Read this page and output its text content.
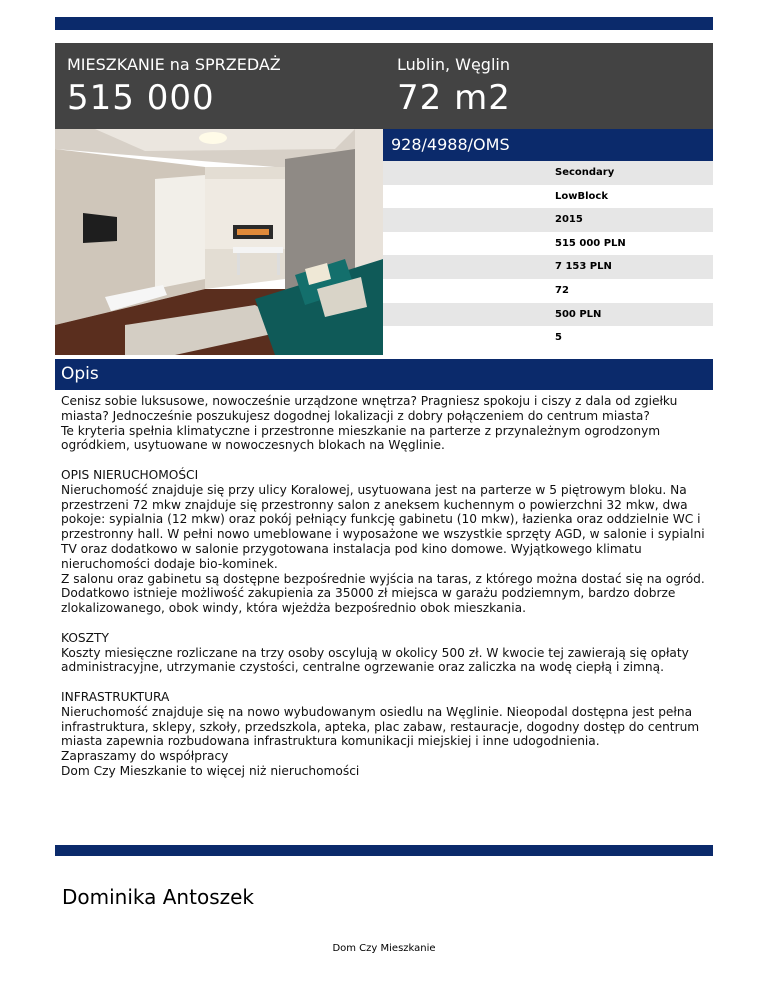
MIESZKANIE na SPRZEDAŻ
515 000
Lublin, Węglin
72 m2
928/4988/OMS
Secondary
LowBlock
2015
515 000 PLN
7 153 PLN
72
500 PLN
5
Opis

Cenisz sobie luksusowe, nowocześnie urządzone wnętrza? Pragniesz spokoju i ciszy z dala od zgiełku miasta? Jednocześnie poszukujesz dogodnej lokalizacji z dobry połączeniem do centrum miasta?
Te kryteria spełnia klimatyczne i przestronne mieszkanie na parterze z przynależnym ogrodzonym ogródkiem, usytuowane w nowoczesnych blokach na Węglinie.

OPIS NIERUCHOMOŚCI
Nieruchomość znajduje się przy ulicy Koralowej, usytuowana jest na parterze w 5 piętrowym bloku. Na przestrzeni 72 mkw znajduje się przestronny salon z aneksem kuchennym o powierzchni 32 mkw, dwa pokoje: sypialnia (12 mkw) oraz pokój pełniący funkcję gabinetu (10 mkw), łazienka oraz oddzielnie WC i przestronny hall. W pełni nowo umeblowane i wyposażone we wszystkie sprzęty AGD, w salonie i sypialni TV oraz dodatkowo w salonie przygotowana instalacja pod kino domowe. Wyjątkowego klimatu nieruchomości dodaje bio-kominek.
Z salonu oraz gabinetu są dostępne bezpośrednie wyjścia na taras, z którego można dostać się na ogród.
Dodatkowo istnieje możliwość zakupienia za 35000 zł miejsca w garażu podziemnym, bardzo dobrze zlokalizowanego, obok windy, która wjeżdża bezpośrednio obok mieszkania.

KOSZTY
Koszty miesięczne rozliczane na trzy osoby oscylują w okolicy 500 zł. W kwocie tej zawierają się opłaty administracyjne, utrzymanie czystości, centralne ogrzewanie oraz zaliczka na wodę ciepłą i zimną.

INFRASTRUKTURA
Nieruchomość znajduje się na nowo wybudowanym osiedlu na Węglinie. Nieopodal dostępna jest pełna infrastruktura, sklepy, szkoły, przedszkola, apteka, plac zabaw, restauracje, dogodny dostęp do centrum miasta zapewnia rozbudowana infrastruktura komunikacji miejskiej i inne udogodnienia.
Zapraszamy do współpracy
Dom Czy Mieszkanie to więcej niż nieruchomości

Dominika Antoszek
Dom Czy Mieszkanie
